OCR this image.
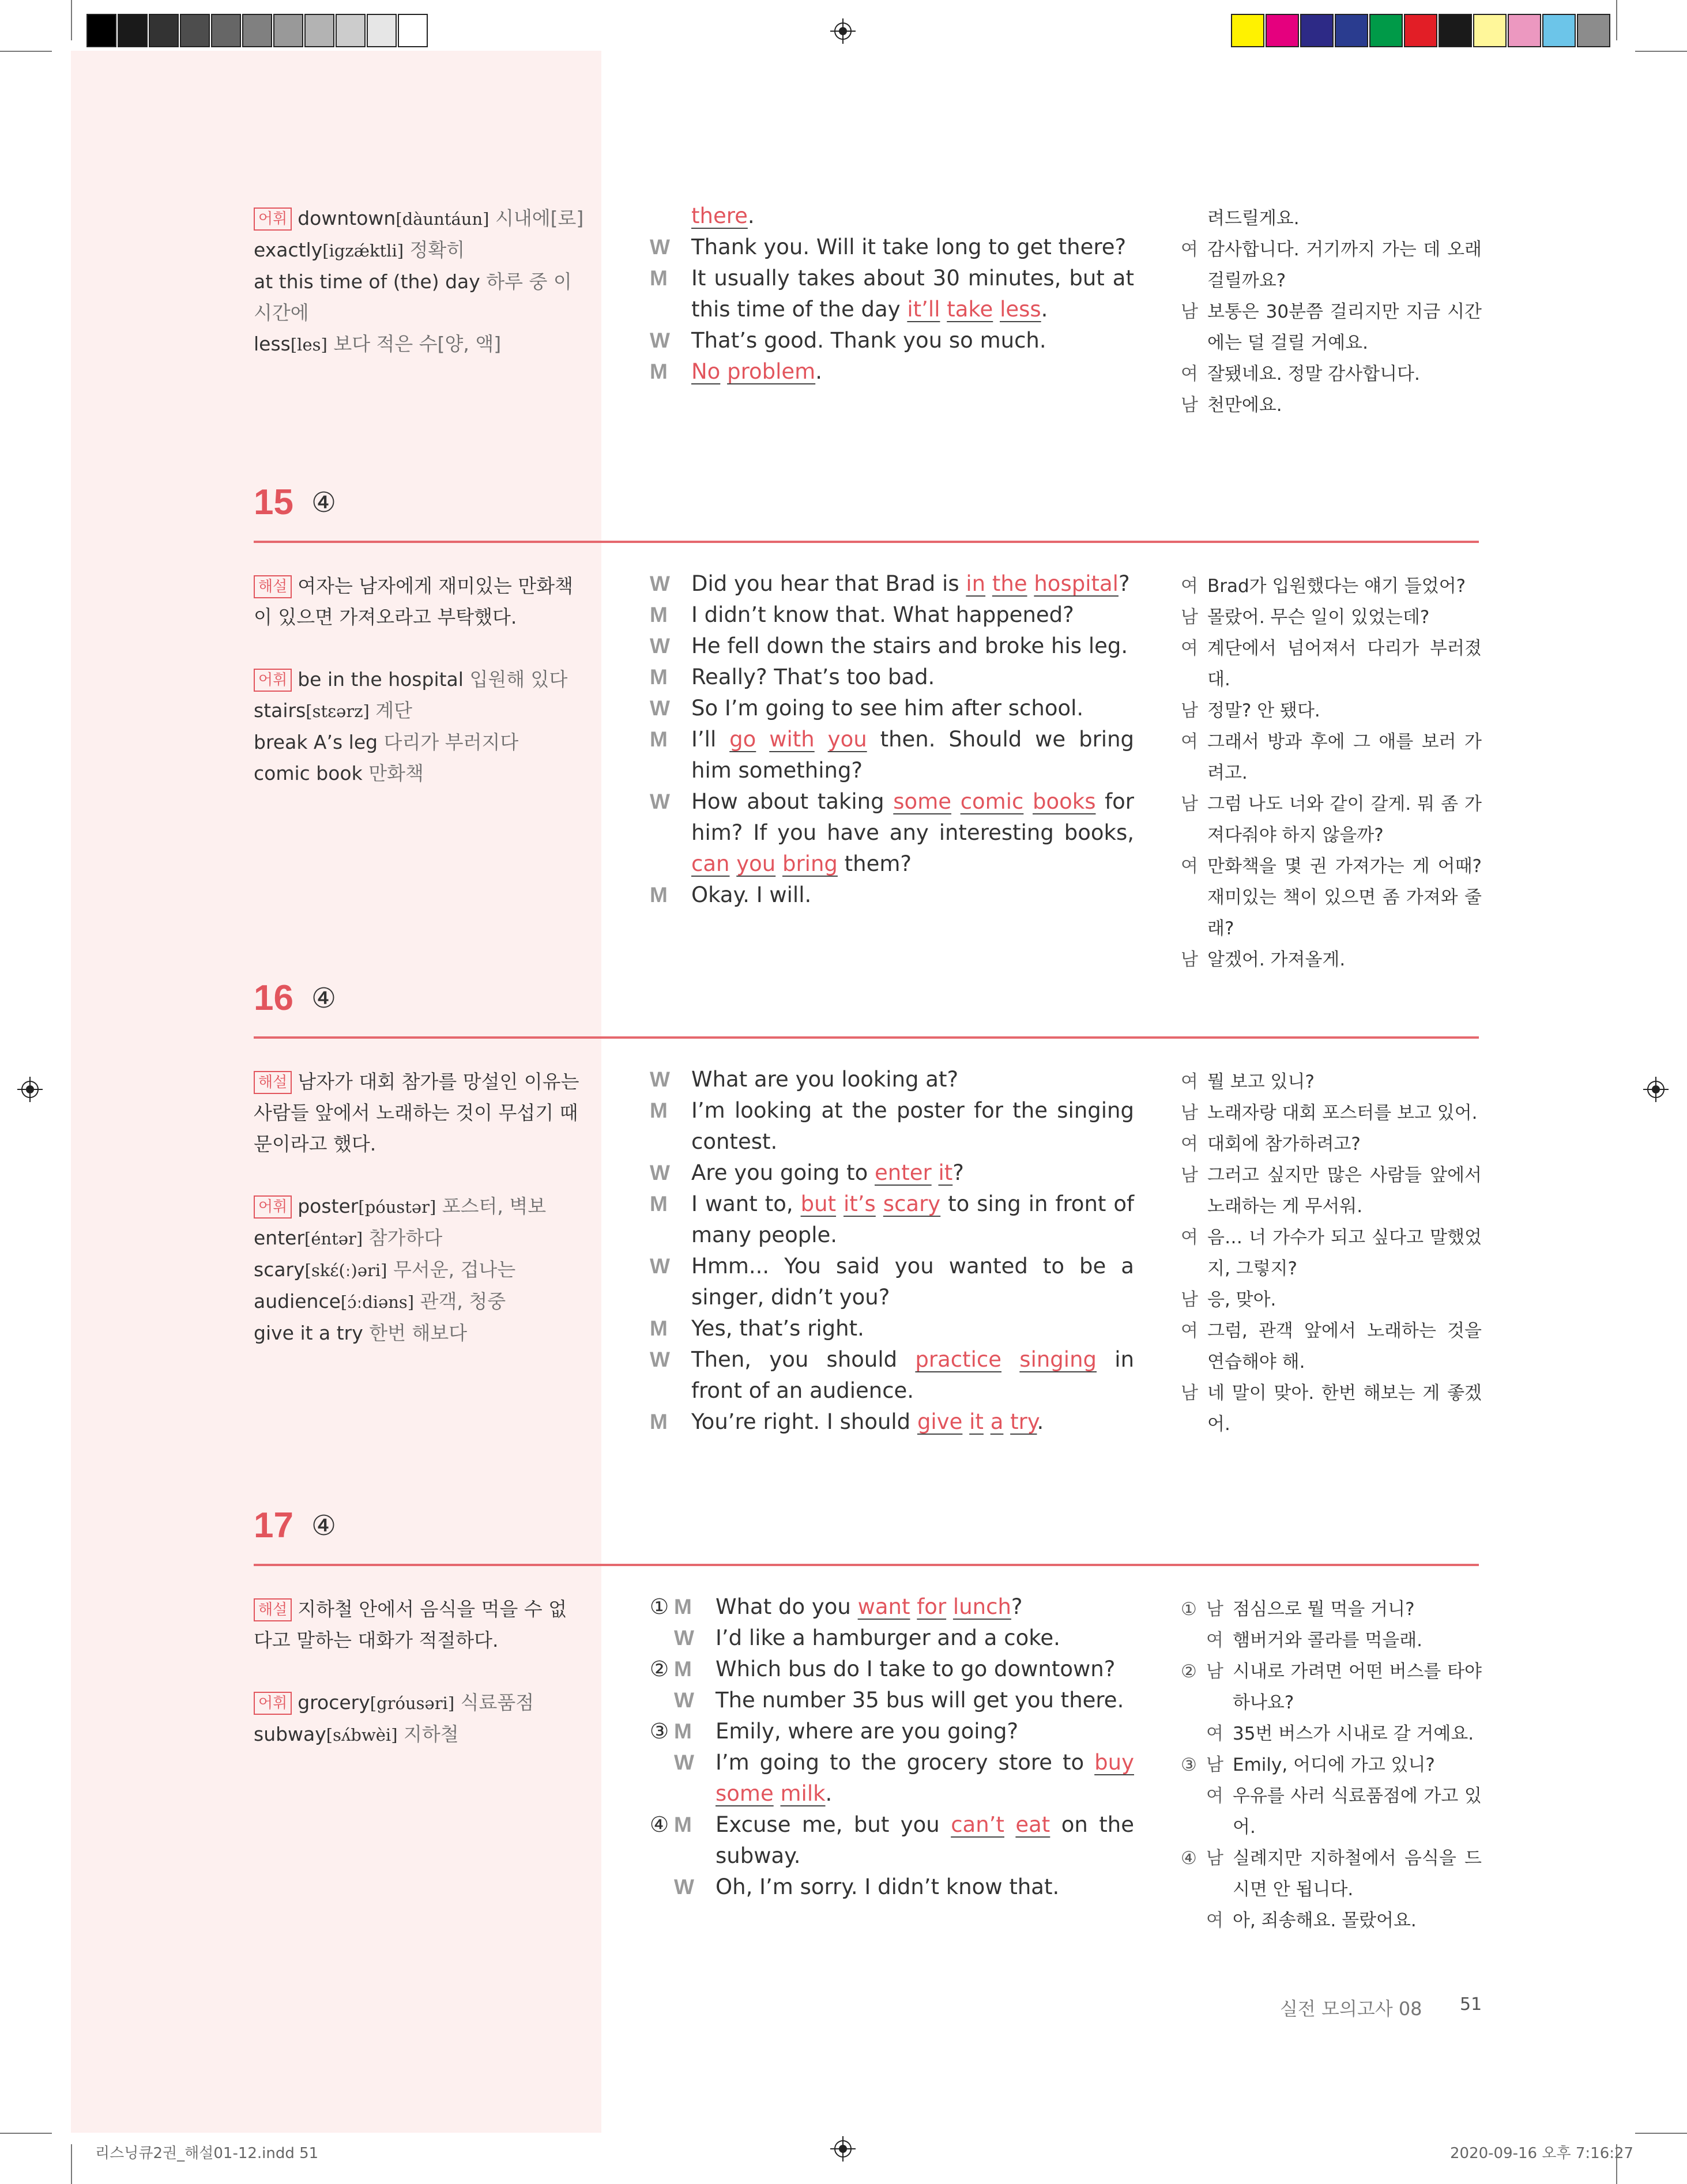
어휘 downtown[dàuntáun] 시내에[로]
exactly[igzǽktli] 정확히
at this time of (the) day 하루 중 이
시간에
less[les] 보다 적은 수[양, 액]
there.
W	Thank you. Will it take long to get there?
M	It usually takes about 30 minutes, but at this time of the day it’ll take less.
W	That’s good. Thank you so much.
M	No problem.
려드릴게요.
여 감사합니다. 거기까지 가는 데 오래 걸릴까요?
남 보통은 30분쯤 걸리지만 지금 시간에는 덜 걸릴 거예요.
여 잘됐네요. 정말 감사합니다.
남 천만에요.
15 ④
해설 여자는 남자에게 재미있는 만화책
이 있으면 가져오라고 부탁했다.

어휘 be in the hospital 입원해 있다
stairs[stɛərz] 계단
break A’s leg 다리가 부러지다
comic book 만화책
W	Did you hear that Brad is in the hospital?
M	I didn’t know that. What happened?
W	He fell down the stairs and broke his leg.
M	Really? That’s too bad.
W	So I’m going to see him after school.
M	I’ll go with you then. Should we bring him something?
W	How about taking some comic books for him? If you have any interesting books, can you bring them?
M	Okay. I will.
여 Brad가 입원했다는 얘기 들었어?
남 몰랐어. 무슨 일이 있었는데?
여 계단에서 넘어져서 다리가 부러졌대.
남 정말? 안 됐다.
여 그래서 방과 후에 그 애를 보러 가려고.
남 그럼 나도 너와 같이 갈게. 뭐 좀 가져다줘야 하지 않을까?
여 만화책을 몇 권 가져가는 게 어때? 재미있는 책이 있으면 좀 가져와 줄래?
남 알겠어. 가져올게.
16 ④
해설 남자가 대회 참가를 망설인 이유는
사람들 앞에서 노래하는 것이 무섭기 때
문이라고 했다.

어휘 poster[póustər] 포스터, 벽보
enter[éntər] 참가하다
scary[skɛ́(ː)əri] 무서운, 겁나는
audience[ɔ́ːdiəns] 관객, 청중
give it a try 한번 해보다
W	What are you looking at?
M	I’m looking at the poster for the singing contest.
W	Are you going to enter it?
M	I want to, but it’s scary to sing in front of many people.
W	Hmm... You said you wanted to be a singer, didn’t you?
M	Yes, that’s right.
W	Then, you should practice singing in front of an audience.
M	You’re right. I should give it a try.
여 뭘 보고 있니?
남 노래자랑 대회 포스터를 보고 있어.
여 대회에 참가하려고?
남 그러고 싶지만 많은 사람들 앞에서 노래하는 게 무서워.
여 음… 너 가수가 되고 싶다고 말했었지, 그렇지?
남 응, 맞아.
여 그럼, 관객 앞에서 노래하는 것을 연습해야 해.
남 네 말이 맞아. 한번 해보는 게 좋겠어.
17 ④
해설 지하철 안에서 음식을 먹을 수 없
다고 말하는 대화가 적절하다.

어휘 grocery[gróusəri] 식료품점
subway[sʌ́bwèi] 지하철
① M	What do you want for lunch?
W	I’d like a hamburger and a coke.
② M	Which bus do I take to go downtown?
W	The number 35 bus will get you there.
③ M	Emily, where are you going?
W	I’m going to the grocery store to buy some milk.
④ M	Excuse me, but you can’t eat on the subway.
W	Oh, I’m sorry. I didn’t know that.
① 남 점심으로 뭘 먹을 거니?
여 햄버거와 콜라를 먹을래.
② 남 시내로 가려면 어떤 버스를 타야 하나요?
여 35번 버스가 시내로 갈 거예요.
③ 남 Emily, 어디에 가고 있니?
여 우유를 사러 식료품점에 가고 있어.
④ 남 실례지만 지하철에서 음식을 드시면 안 됩니다.
여 아, 죄송해요. 몰랐어요.
실전 모의고사 08 51
리스닝큐2권_해설01-12.indd 51	2020-09-16 오후 7:16:27
